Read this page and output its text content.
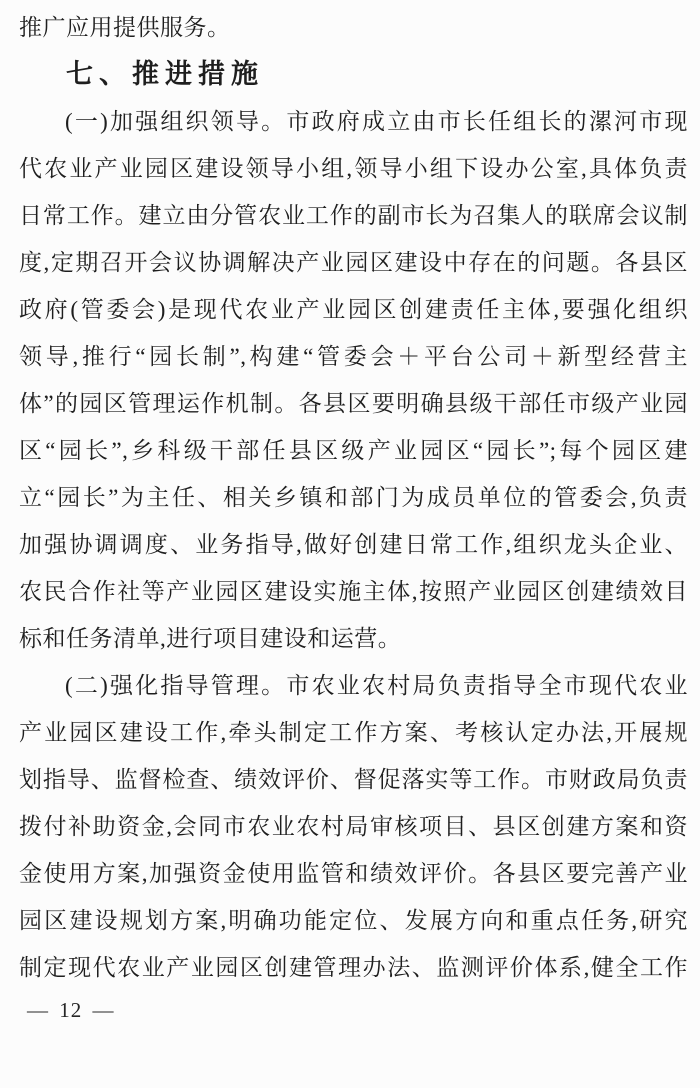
推广应用提供服务。
七、推进措施
(一)加强组织领导。市政府成立由市长任组长的漯河市现
代农业产业园区建设领导小组,领导小组下设办公室,具体负责
日常工作。建立由分管农业工作的副市长为召集人的联席会议制
度,定期召开会议协调解决产业园区建设中存在的问题。各县区
政府(管委会)是现代农业产业园区创建责任主体,要强化组织
领导,推行“园长制”,构建“管委会＋平台公司＋新型经营主
体”的园区管理运作机制。各县区要明确县级干部任市级产业园
区“园长”,乡科级干部任县区级产业园区“园长”;每个园区建
立“园长”为主任、相关乡镇和部门为成员单位的管委会,负责
加强协调调度、业务指导,做好创建日常工作,组织龙头企业、
农民合作社等产业园区建设实施主体,按照产业园区创建绩效目
标和任务清单,进行项目建设和运营。
(二)强化指导管理。市农业农村局负责指导全市现代农业
产业园区建设工作,牵头制定工作方案、考核认定办法,开展规
划指导、监督检查、绩效评价、督促落实等工作。市财政局负责
拨付补助资金,会同市农业农村局审核项目、县区创建方案和资
金使用方案,加强资金使用监管和绩效评价。各县区要完善产业
园区建设规划方案,明确功能定位、发展方向和重点任务,研究
制定现代农业产业园区创建管理办法、监测评价体系,健全工作
— 12 —
